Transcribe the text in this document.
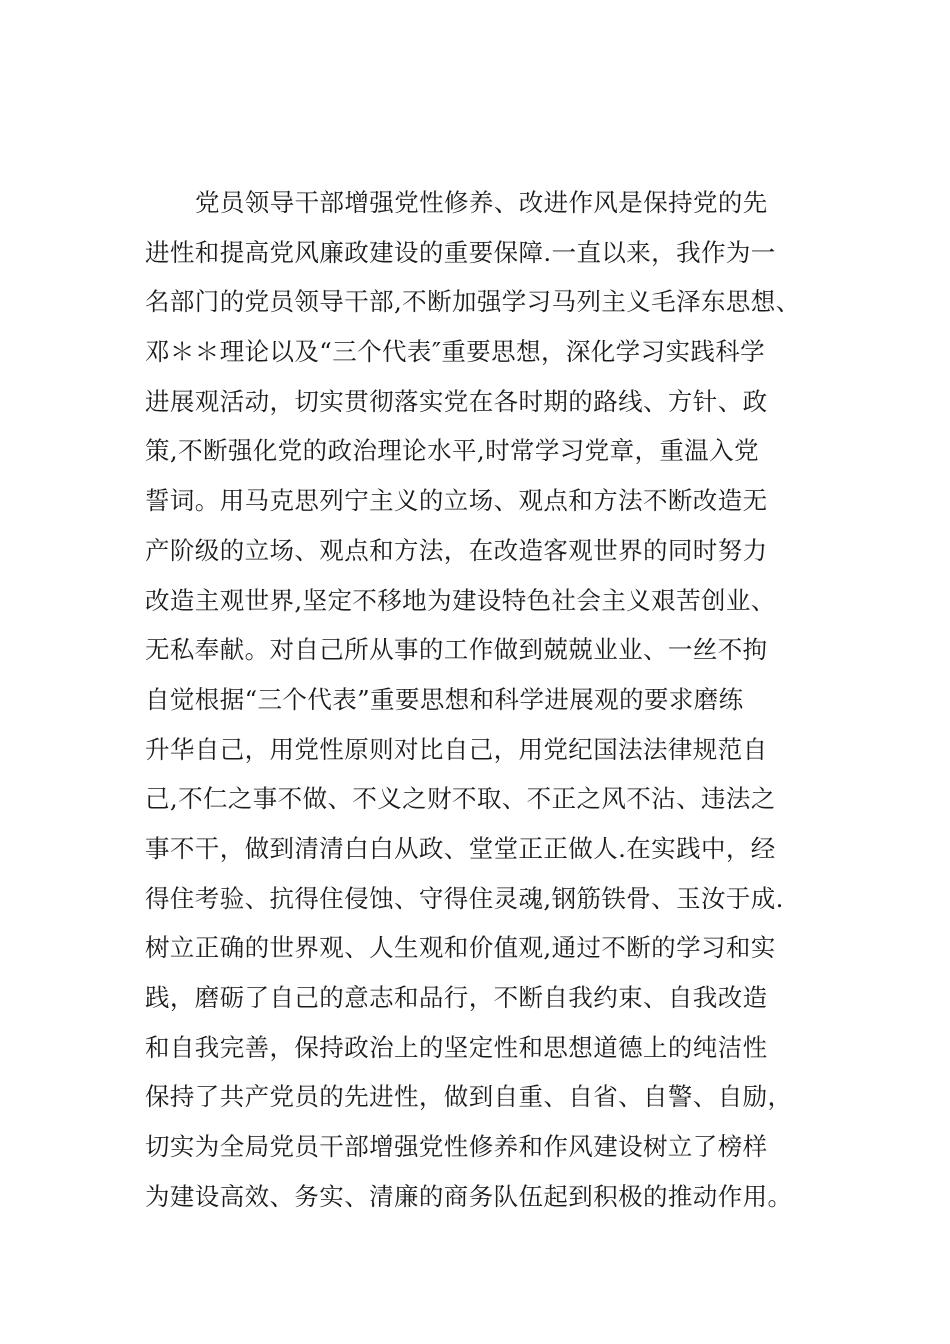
党员领导干部增强党性修养、改进作风是保持党的先
进性和提高党风廉政建设的重要保障.一直以来，我作为一
名部门的党员领导干部,不断加强学习马列主义毛泽东思想、
邓＊＊理论以及“三个代表″重要思想，深化学习实践科学
进展观活动，切实贯彻落实党在各时期的路线、方针、政
策,不断强化党的政治理论水平,时常学习党章，重温入党
誓词。用马克思列宁主义的立场、观点和方法不断改造无
产阶级的立场、观点和方法，在改造客观世界的同时努力
改造主观世界,坚定不移地为建设特色社会主义艰苦创业、
无私奉献。对自己所从事的工作做到兢兢业业、一丝不拘
自觉根据“三个代表”重要思想和科学进展观的要求磨练
升华自己，用党性原则对比自己，用党纪国法法律规范自
己,不仁之事不做、不义之财不取、不正之风不沾、违法之
事不干，做到清清白白从政、堂堂正正做人.在实践中，经
得住考验、抗得住侵蚀、守得住灵魂,钢筋铁骨、玉汝于成.
树立正确的世界观、人生观和价值观,通过不断的学习和实
践，磨砺了自己的意志和品行，不断自我约束、自我改造
和自我完善，保持政治上的坚定性和思想道德上的纯洁性
保持了共产党员的先进性，做到自重、自省、自警、自励，
切实为全局党员干部增强党性修养和作风建设树立了榜样
为建设高效、务实、清廉的商务队伍起到积极的推动作用。
